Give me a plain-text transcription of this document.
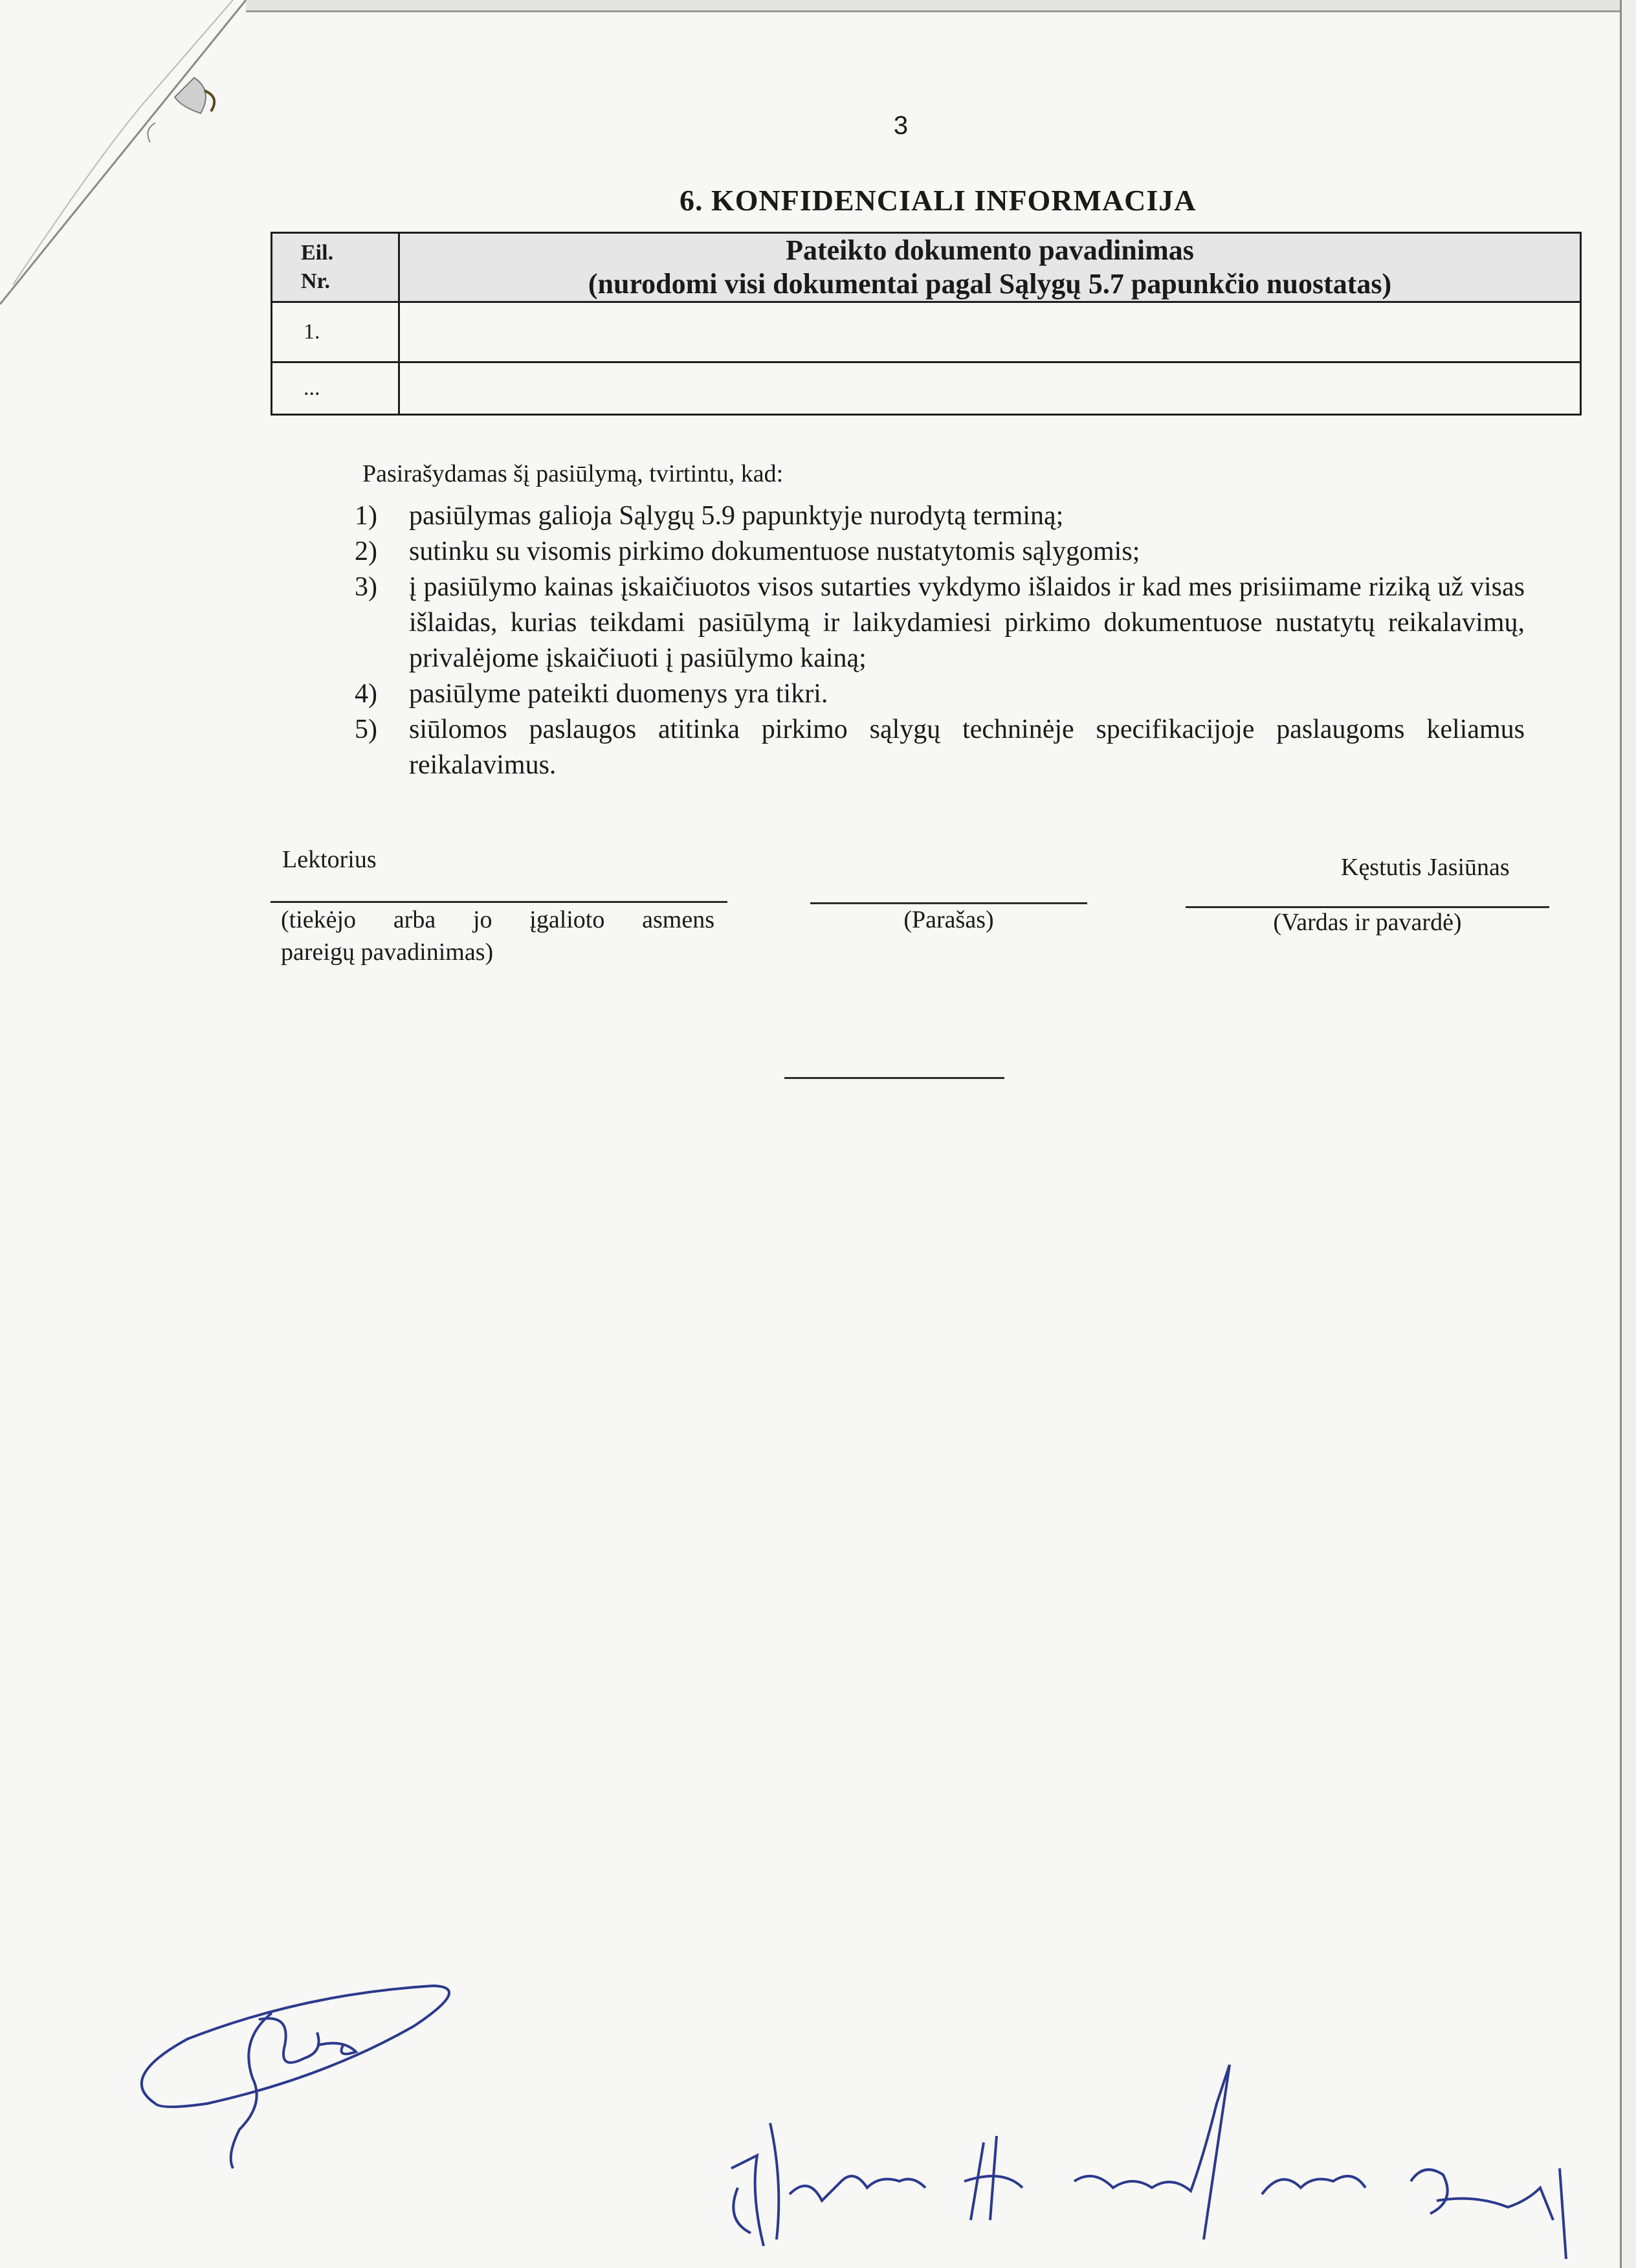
3
6. KONFIDENCIALI INFORMACIJA
Eil.
Nr.	Pateikto dokumento pavadinimas
(nurodomi visi dokumentai pagal Sąlygų 5.7 papunkčio nuostatas)
1.	
...	
Pasirašydamas šį pasiūlymą, tvirtintu, kad:
1) pasiūlymas galioja Sąlygų 5.9 papunktyje nurodytą terminą;
2) sutinku su visomis pirkimo dokumentuose nustatytomis sąlygomis;
3) į pasiūlymo kainas įskaičiuotos visos sutarties vykdymo išlaidos ir kad mes prisiimame riziką už visas išlaidas, kurias teikdami pasiūlymą ir laikydamiesi pirkimo dokumentuose nustatytų reikalavimų, privalėjome įskaičiuoti į pasiūlymo kainą;
4) pasiūlyme pateikti duomenys yra tikri.
5) siūlomos paslaugos atitinka pirkimo sąlygų techninėje specifikacijoje paslaugoms keliamus reikalavimus.
Lektorius	Kęstutis Jasiūnas
(tiekėjo arba jo įgalioto asmens
pareigų pavadinimas)
(Parašas)	(Vardas ir pavardė)
